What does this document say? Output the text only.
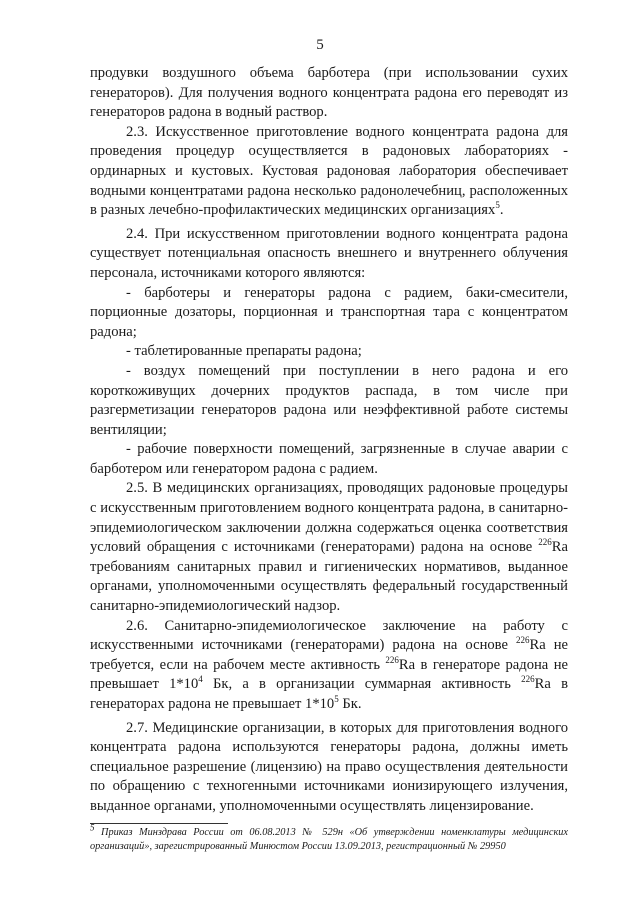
5

продувки воздушного объема барботера (при использовании сухих генераторов). Для получения водного концентрата радона его переводят из генераторов радона в водный раствор.

2.3. Искусственное приготовление водного концентрата радона для проведения процедур осуществляется в радоновых лабораториях - ординарных и кустовых. Кустовая радоновая лаборатория обеспечивает водными концентратами радона несколько радонолечебниц, расположенных в разных лечебно-профилактических медицинских организациях$^5$.

2.4. При искусственном приготовлении водного концентрата радона существует потенциальная опасность внешнего и внутреннего облучения персонала, источниками которого являются:

- барботеры и генераторы радона с радием, баки-смесители, порционные дозаторы, порционная и транспортная тара с концентратом радона;

- таблетированные препараты радона;

- воздух помещений при поступлении в него радона и его короткоживущих дочерних продуктов распада, в том числе при разгерметизации генераторов радона или неэффективной работе системы вентиляции;

- рабочие поверхности помещений, загрязненные в случае аварии с барботером или генератором радона с радием.

2.5. В медицинских организациях, проводящих радоновые процедуры с искусственным приготовлением водного концентрата радона, в санитарно-эпидемиологическом заключении должна содержаться оценка соответствия условий обращения с источниками (генераторами) радона на основе $^{226}$Ra требованиям санитарных правил и гигиенических нормативов, выданное органами, уполномоченными осуществлять федеральный государственный санитарно-эпидемиологический надзор.

2.6. Санитарно-эпидемиологическое заключение на работу с искусственными источниками (генераторами) радона на основе $^{226}$Ra не требуется, если на рабочем месте активность $^{226}$Ra в генераторе радона не превышает $1*10^4$ Бк, а в организации суммарная активность $^{226}$Ra в генераторах радона не превышает $1*10^5$ Бк.

2.7. Медицинские организации, в которых для приготовления водного концентрата радона используются генераторы радона, должны иметь специальное разрешение (лицензию) на право осуществления деятельности по обращению с техногенными источниками ионизирующего излучения, выданное органами, уполномоченными осуществлять лицензирование.

$^5$ Приказ Минздрава России от 06.08.2013 № 529н «Об утверждении номенклатуры медицинских организаций», зарегистрированный Минюстом России 13.09.2013, регистрационный № 29950
